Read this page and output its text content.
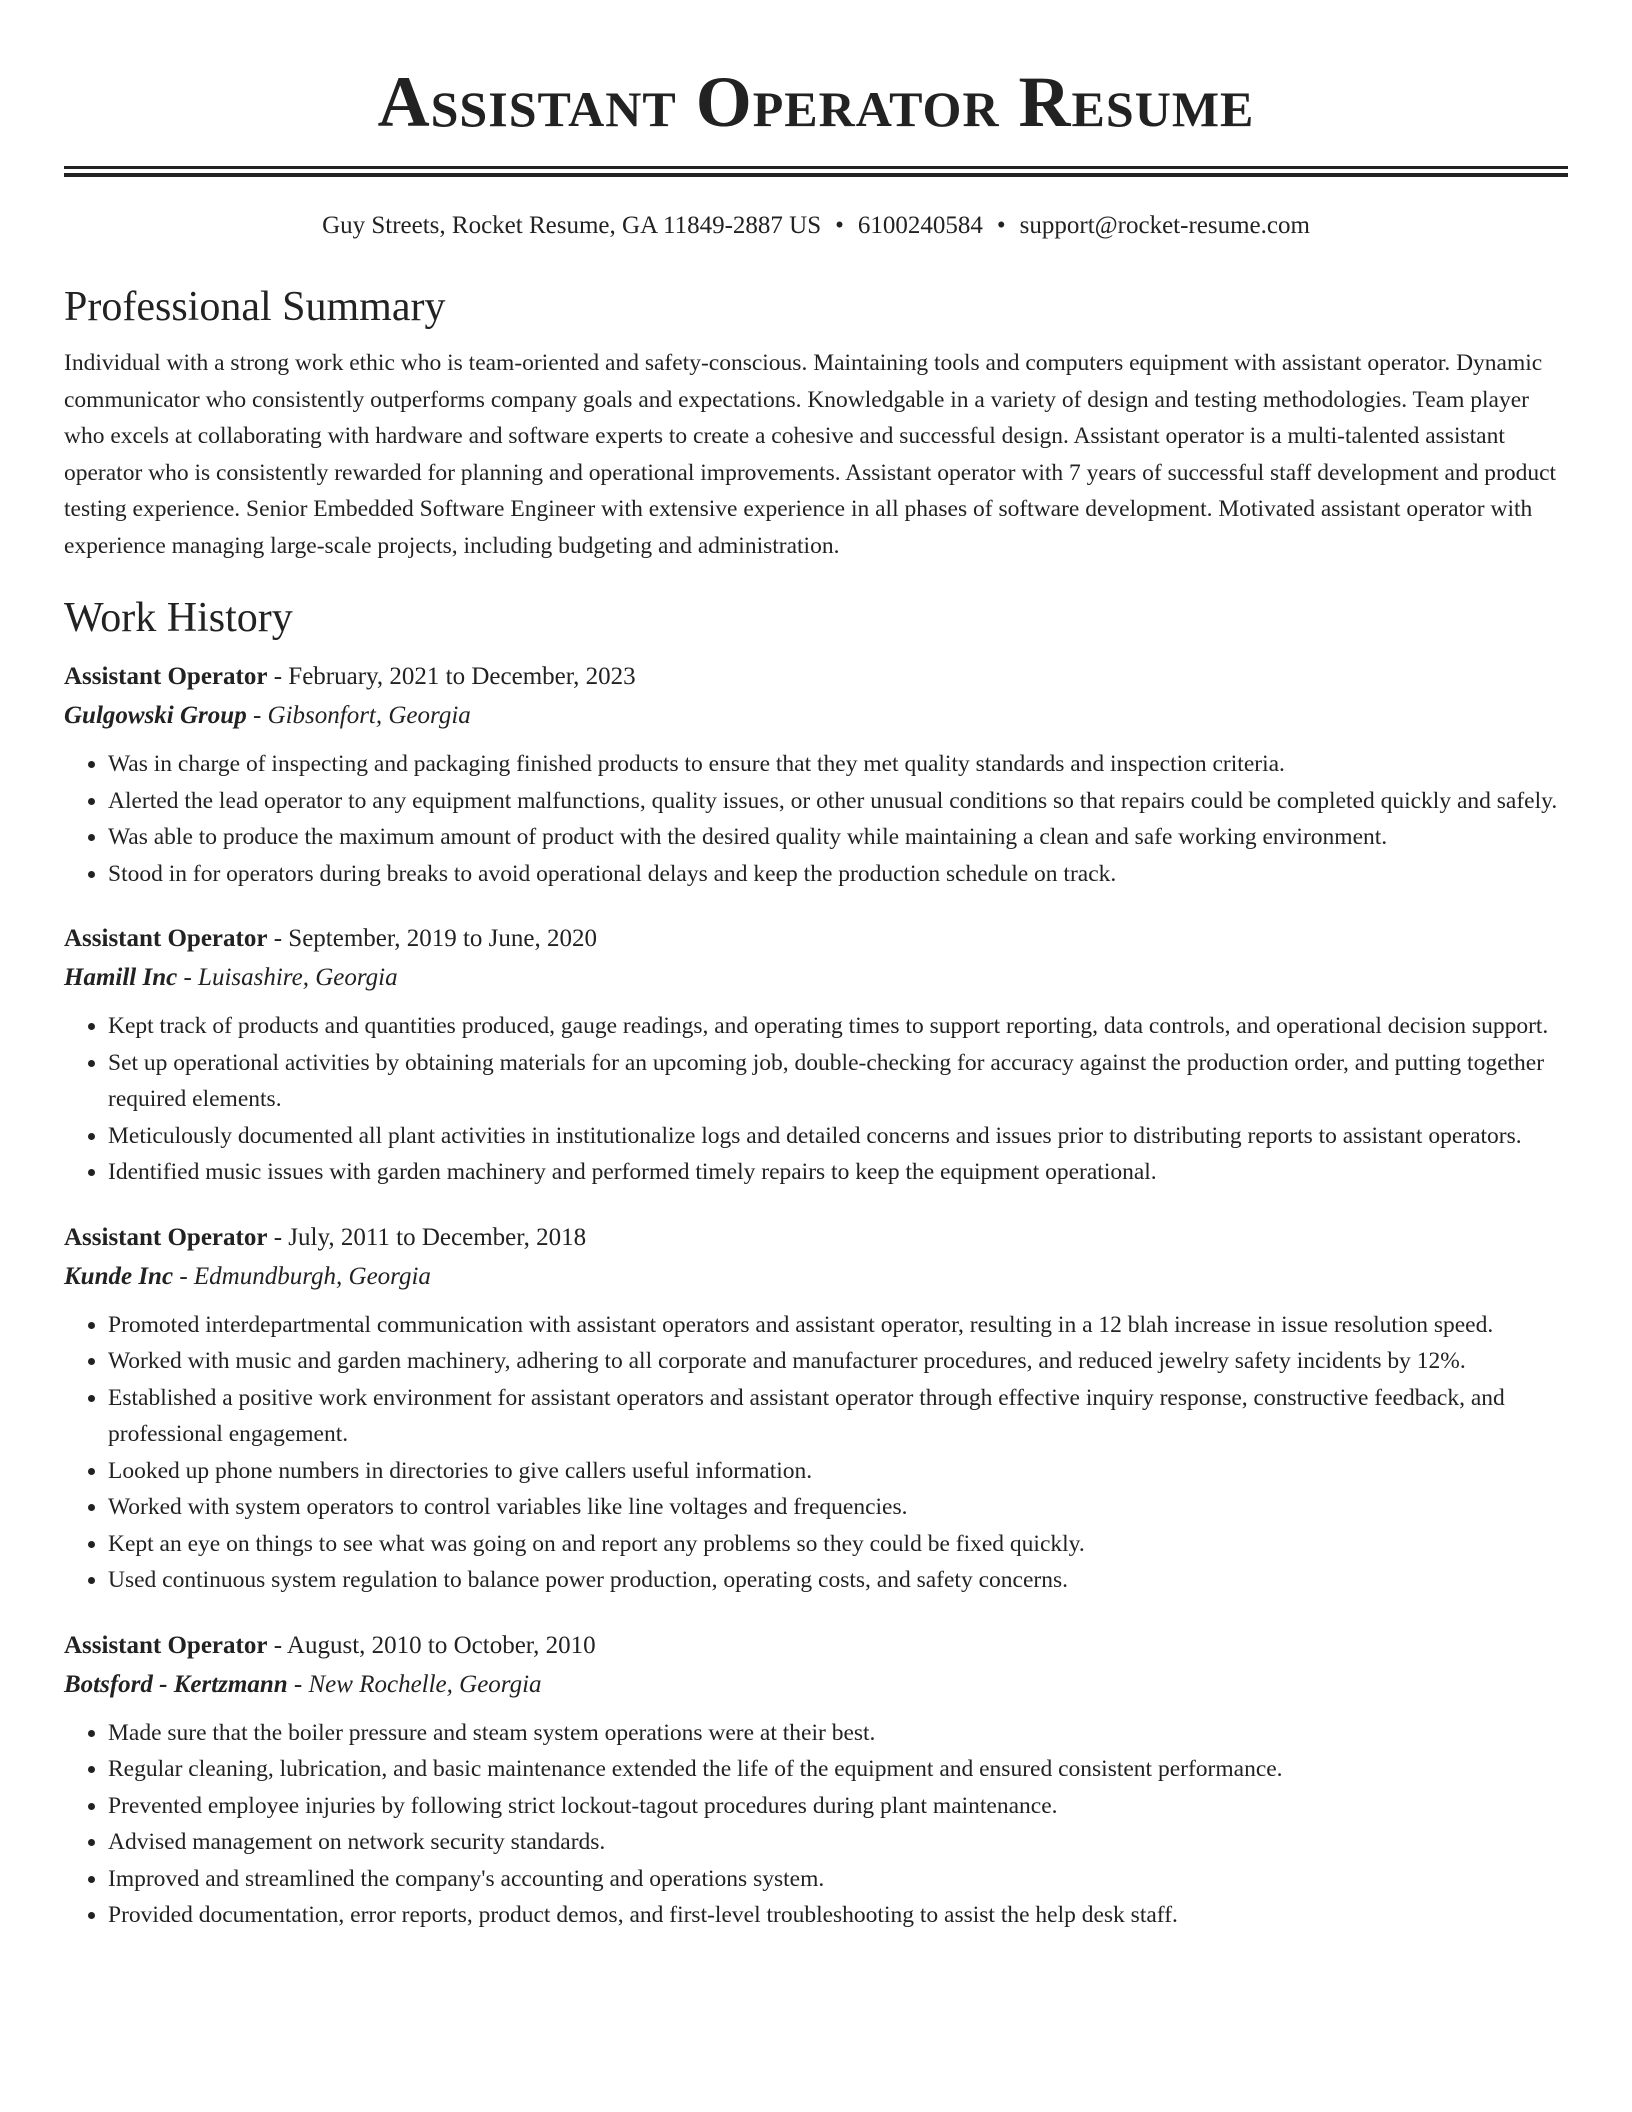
Assistant Operator Resume
Guy Streets, Rocket Resume, GA 11849-2887 US • 6100240584 • support@rocket-resume.com
Professional Summary

Individual with a strong work ethic who is team-oriented and safety-conscious. Maintaining tools and computers equipment with assistant operator. Dynamic communicator who consistently outperforms company goals and expectations. Knowledgable in a variety of design and testing methodologies. Team player who excels at collaborating with hardware and software experts to create a cohesive and successful design. Assistant operator is a multi-talented assistant operator who is consistently rewarded for planning and operational improvements. Assistant operator with 7 years of successful staff development and product testing experience. Senior Embedded Software Engineer with extensive experience in all phases of software development. Motivated assistant operator with experience managing large-scale projects, including budgeting and administration.

Work History
Assistant Operator - February, 2021 to December, 2023
Gulgowski Group - Gibsonfort, Georgia
• Was in charge of inspecting and packaging finished products to ensure that they met quality standards and inspection criteria.
• Alerted the lead operator to any equipment malfunctions, quality issues, or other unusual conditions so that repairs could be completed quickly and safely.
• Was able to produce the maximum amount of product with the desired quality while maintaining a clean and safe working environment.
• Stood in for operators during breaks to avoid operational delays and keep the production schedule on track.
Assistant Operator - September, 2019 to June, 2020
Hamill Inc - Luisashire, Georgia
• Kept track of products and quantities produced, gauge readings, and operating times to support reporting, data controls, and operational decision support.
• Set up operational activities by obtaining materials for an upcoming job, double-checking for accuracy against the production order, and putting together required elements.
• Meticulously documented all plant activities in institutionalize logs and detailed concerns and issues prior to distributing reports to assistant operators.
• Identified music issues with garden machinery and performed timely repairs to keep the equipment operational.
Assistant Operator - July, 2011 to December, 2018
Kunde Inc - Edmundburgh, Georgia
• Promoted interdepartmental communication with assistant operators and assistant operator, resulting in a 12 blah increase in issue resolution speed.
• Worked with music and garden machinery, adhering to all corporate and manufacturer procedures, and reduced jewelry safety incidents by 12%.
• Established a positive work environment for assistant operators and assistant operator through effective inquiry response, constructive feedback, and professional engagement.
• Looked up phone numbers in directories to give callers useful information.
• Worked with system operators to control variables like line voltages and frequencies.
• Kept an eye on things to see what was going on and report any problems so they could be fixed quickly.
• Used continuous system regulation to balance power production, operating costs, and safety concerns.
Assistant Operator - August, 2010 to October, 2010
Botsford - Kertzmann - New Rochelle, Georgia
• Made sure that the boiler pressure and steam system operations were at their best.
• Regular cleaning, lubrication, and basic maintenance extended the life of the equipment and ensured consistent performance.
• Prevented employee injuries by following strict lockout-tagout procedures during plant maintenance.
• Advised management on network security standards.
• Improved and streamlined the company's accounting and operations system.
• Provided documentation, error reports, product demos, and first-level troubleshooting to assist the help desk staff.
